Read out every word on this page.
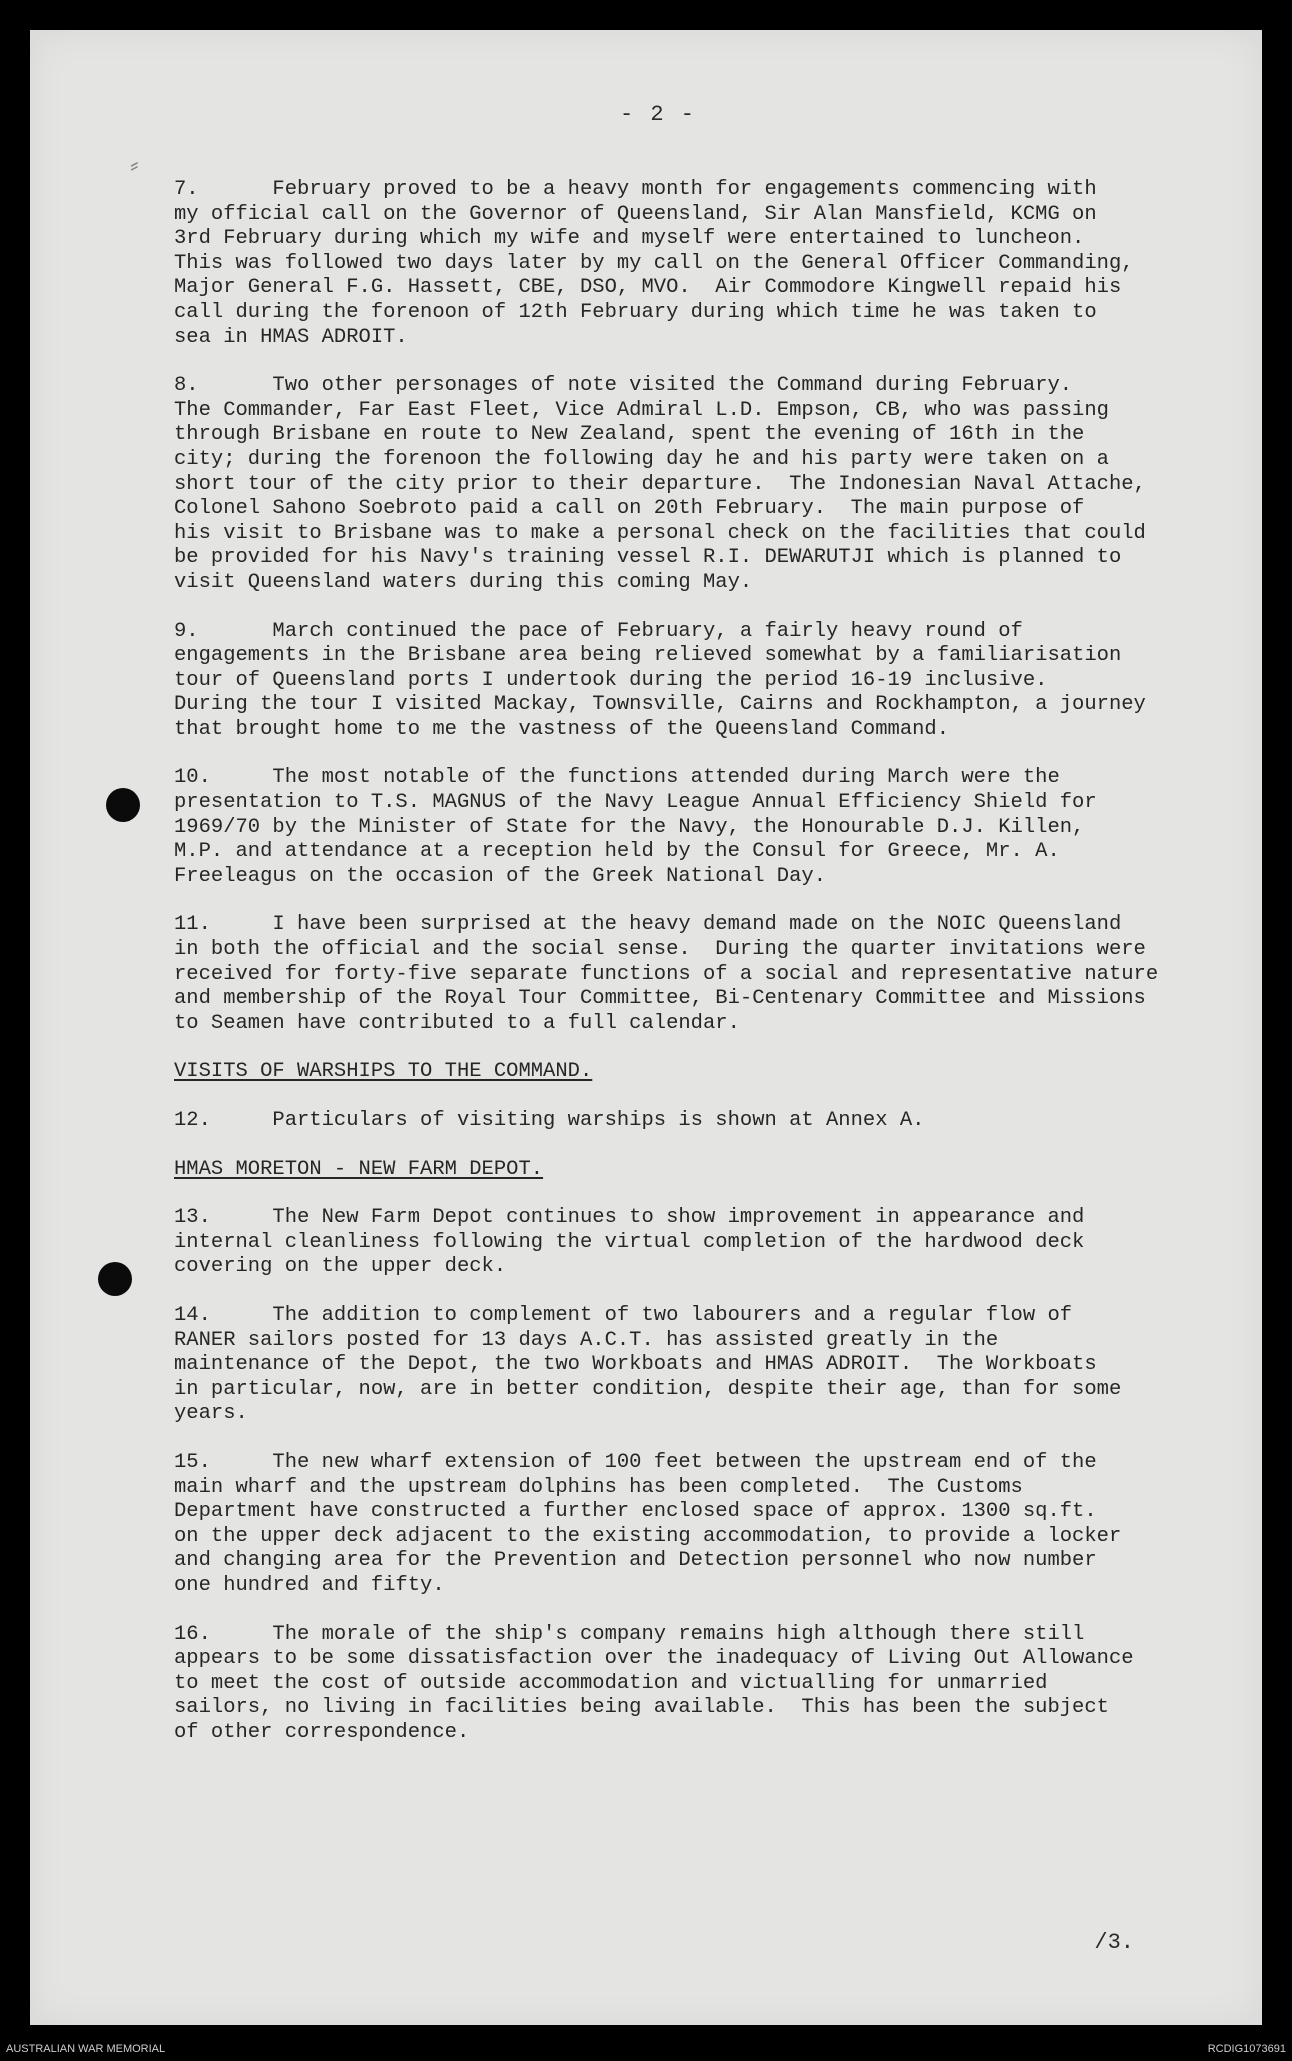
- 2 -
⸗
7.      February proved to be a heavy month for engagements commencing with
my official call on the Governor of Queensland, Sir Alan Mansfield, KCMG on
3rd February during which my wife and myself were entertained to luncheon.
This was followed two days later by my call on the General Officer Commanding,
Major General F.G. Hassett, CBE, DSO, MVO.  Air Commodore Kingwell repaid his
call during the forenoon of 12th February during which time he was taken to
sea in HMAS ADROIT.
8.      Two other personages of note visited the Command during February.
The Commander, Far East Fleet, Vice Admiral L.D. Empson, CB, who was passing
through Brisbane en route to New Zealand, spent the evening of 16th in the
city; during the forenoon the following day he and his party were taken on a
short tour of the city prior to their departure.  The Indonesian Naval Attache,
Colonel Sahono Soebroto paid a call on 20th February.  The main purpose of
his visit to Brisbane was to make a personal check on the facilities that could
be provided for his Navy's training vessel R.I. DEWARUTJI which is planned to
visit Queensland waters during this coming May.
9.      March continued the pace of February, a fairly heavy round of
engagements in the Brisbane area being relieved somewhat by a familiarisation
tour of Queensland ports I undertook during the period 16-19 inclusive.
During the tour I visited Mackay, Townsville, Cairns and Rockhampton, a journey
that brought home to me the vastness of the Queensland Command.
10.     The most notable of the functions attended during March were the
presentation to T.S. MAGNUS of the Navy League Annual Efficiency Shield for
1969/70 by the Minister of State for the Navy, the Honourable D.J. Killen,
M.P. and attendance at a reception held by the Consul for Greece, Mr. A.
Freeleagus on the occasion of the Greek National Day.
11.     I have been surprised at the heavy demand made on the NOIC Queensland
in both the official and the social sense.  During the quarter invitations were
received for forty-five separate functions of a social and representative nature
and membership of the Royal Tour Committee, Bi-Centenary Committee and Missions
to Seamen have contributed to a full calendar.
VISITS OF WARSHIPS TO THE COMMAND.
12.     Particulars of visiting warships is shown at Annex A.
HMAS MORETON - NEW FARM DEPOT.
13.     The New Farm Depot continues to show improvement in appearance and
internal cleanliness following the virtual completion of the hardwood deck
covering on the upper deck.
14.     The addition to complement of two labourers and a regular flow of
RANER sailors posted for 13 days A.C.T. has assisted greatly in the
maintenance of the Depot, the two Workboats and HMAS ADROIT.  The Workboats
in particular, now, are in better condition, despite their age, than for some
years.
15.     The new wharf extension of 100 feet between the upstream end of the
main wharf and the upstream dolphins has been completed.  The Customs
Department have constructed a further enclosed space of approx. 1300 sq.ft.
on the upper deck adjacent to the existing accommodation, to provide a locker
and changing area for the Prevention and Detection personnel who now number
one hundred and fifty.
16.     The morale of the ship's company remains high although there still
appears to be some dissatisfaction over the inadequacy of Living Out Allowance
to meet the cost of outside accommodation and victualling for unmarried
sailors, no living in facilities being available.  This has been the subject
of other correspondence.
/3.
AUSTRALIAN WAR MEMORIAL	RCDIG1073691
